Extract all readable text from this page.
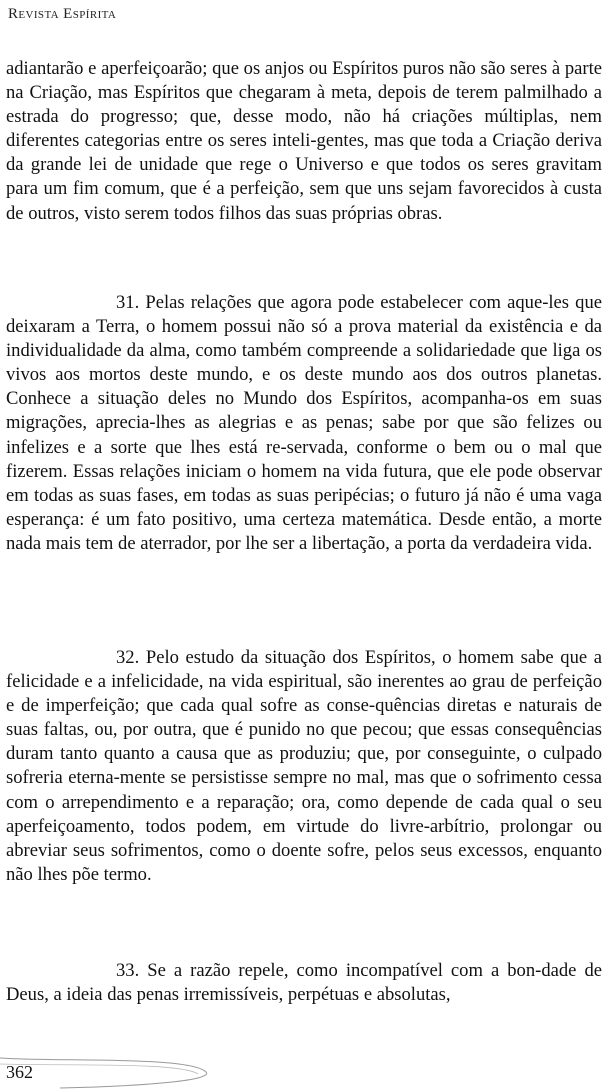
Revista Espírita

adiantarão e aperfeiçoarão; que os anjos ou Espíritos puros não são seres à parte na Criação, mas Espíritos que chegaram à meta, depois de terem palmilhado a estrada do progresso; que, desse modo, não há criações múltiplas, nem diferentes categorias entre os seres inteli-gentes, mas que toda a Criação deriva da grande lei de unidade que rege o Universo e que todos os seres gravitam para um fim comum, que é a perfeição, sem que uns sejam favorecidos à custa de outros, visto serem todos filhos das suas próprias obras.

31. Pelas relações que agora pode estabelecer com aque-les que deixaram a Terra, o homem possui não só a prova material da existência e da individualidade da alma, como também compreende a solidariedade que liga os vivos aos mortos deste mundo, e os deste mundo aos dos outros planetas. Conhece a situação deles no Mundo dos Espíritos, acompanha-os em suas migrações, aprecia-lhes as alegrias e as penas; sabe por que são felizes ou infelizes e a sorte que lhes está re-servada, conforme o bem ou o mal que fizerem. Essas relações iniciam o homem na vida futura, que ele pode observar em todas as suas fases, em todas as suas peripécias; o futuro já não é uma vaga esperança: é um fato positivo, uma certeza matemática. Desde então, a morte nada mais tem de aterrador, por lhe ser a libertação, a porta da verdadeira vida.

32. Pelo estudo da situação dos Espíritos, o homem sabe que a felicidade e a infelicidade, na vida espiritual, são inerentes ao grau de perfeição e de imperfeição; que cada qual sofre as conse-quências diretas e naturais de suas faltas, ou, por outra, que é punido no que pecou; que essas consequências duram tanto quanto a causa que as produziu; que, por conseguinte, o culpado sofreria eterna-mente se persistisse sempre no mal, mas que o sofrimento cessa com o arrependimento e a reparação; ora, como depende de cada qual o seu aperfeiçoamento, todos podem, em virtude do livre-arbítrio, prolongar ou abreviar seus sofrimentos, como o doente sofre, pelos seus excessos, enquanto não lhes põe termo.

33. Se a razão repele, como incompatível com a bon-dade de Deus, a ideia das penas irremissíveis, perpétuas e absolutas,

362
